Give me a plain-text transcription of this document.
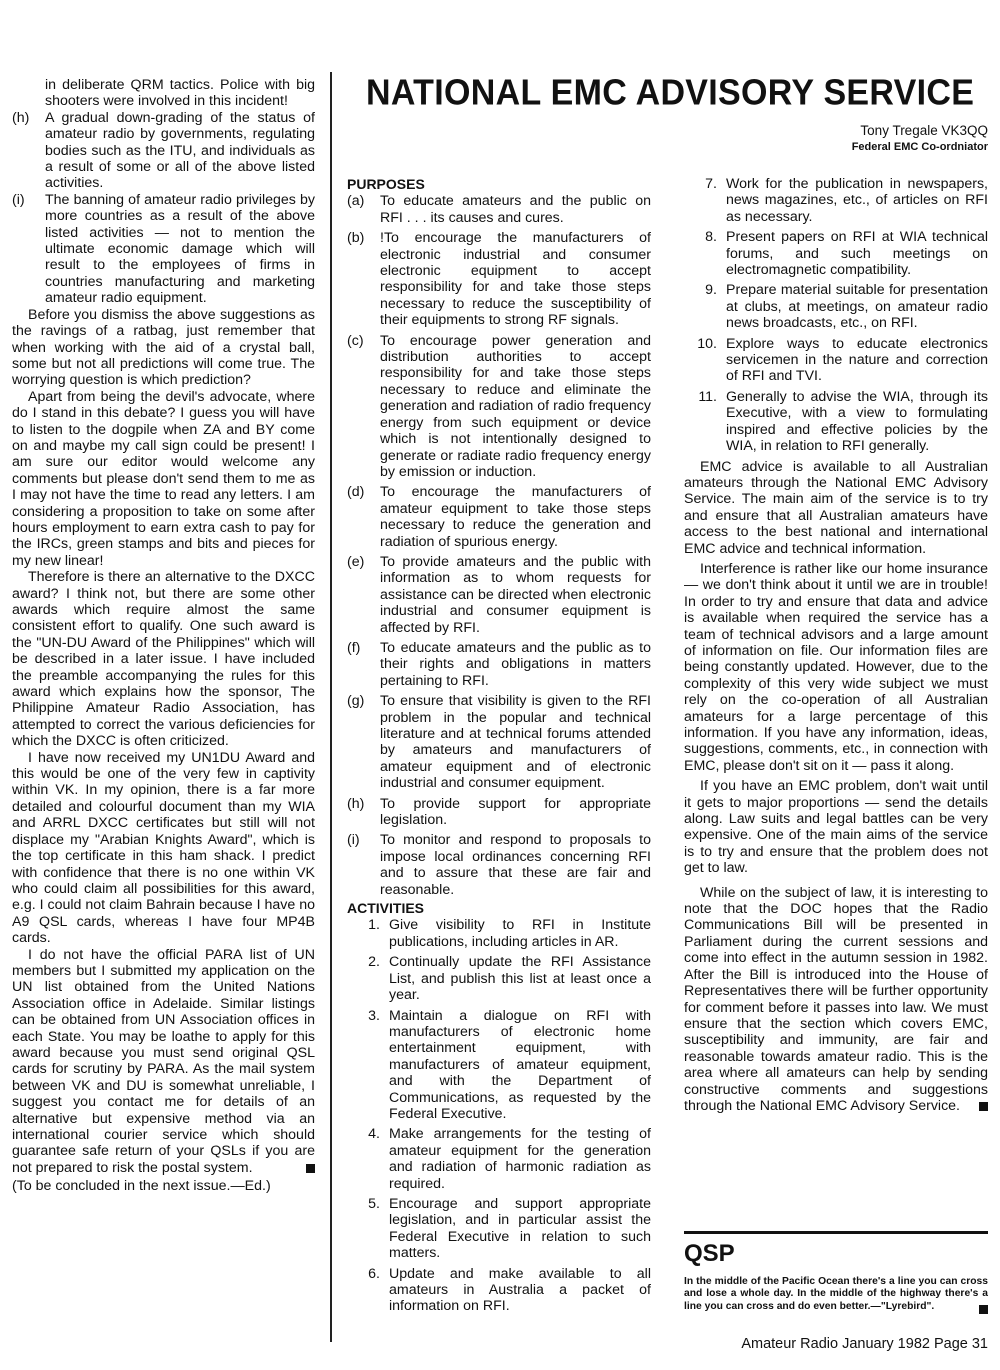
in deliberate QRM tactics. Police with big shooters were involved in this incident!

(h)	A gradual down-grading of the status of amateur radio by governments, regulating bodies such as the ITU, and individuals as a result of some or all of the above listed activities.
(i)	The banning of amateur radio privileges by more countries as a result of the above listed activities — not to mention the ultimate economic damage which will result to the employees of firms in countries manufacturing and marketing amateur radio equipment.

Before you dismiss the above suggestions as the ravings of a ratbag, just remember that when working with the aid of a crystal ball, some but not all predictions will come true. The worrying question is which prediction?

Apart from being the devil's advocate, where do I stand in this debate? I guess you will have to listen to the dogpile when ZA and BY come on and maybe my call sign could be present! I am sure our editor would welcome any comments but please don't send them to me as I may not have the time to read any letters. I am considering a proposition to take on some after hours employment to earn extra cash to pay for the IRCs, green stamps and bits and pieces for my new linear!

Therefore is there an alternative to the DXCC award? I think not, but there are some other awards which require almost the same consistent effort to qualify. One such award is the "UN-DU Award of the Philippines" which will be described in a later issue. I have included the preamble accompanying the rules for this award which explains how the sponsor, The Philippine Amateur Radio Association, has attempted to correct the various deficiencies for which the DXCC is often criticized.

I have now received my UN1DU Award and this would be one of the very few in captivity within VK. In my opinion, there is a far more detailed and colourful document than my WIA and ARRL DXCC certificates but still will not displace my "Arabian Knights Award", which is the top certificate in this ham shack. I predict with confidence that there is no one within VK who could claim all possibilities for this award, e.g. I could not claim Bahrain because I have no A9 QSL cards, whereas I have four MP4B cards.

I do not have the official PARA list of UN members but I submitted my application on the UN list obtained from the United Nations Association office in Adelaide. Similar listings can be obtained from UN Association offices in each State. You may be loathe to apply for this award because you must send original QSL cards for scrutiny by PARA. As the mail system between VK and DU is somewhat unreliable, I suggest you contact me for details of an alternative but expensive method via an international courier service which should guarantee safe return of your QSLs if you are not prepared to risk the postal system.

(To be concluded in the next issue.—Ed.)

NATIONAL EMC ADVISORY SERVICE
Tony Tregale VK3QQ
Federal EMC Co-ordniator
PURPOSES
(a)	To educate amateurs and the public on RFI . . . its causes and cures.
(b)	!To encourage the manufacturers of electronic industrial and consumer electronic equipment to accept responsibility for and take those steps necessary to reduce the susceptibility of their equipments to strong RF signals.
(c)	To encourage power generation and distribution authorities to accept responsibility for and take those steps necessary to reduce and eliminate the generation and radiation of radio frequency energy from such equipment or device which is not intentionally designed to generate or radiate radio frequency energy by emission or induction.
(d)	To encourage the manufacturers of amateur equipment to take those steps necessary to reduce the generation and radiation of spurious energy.
(e)	To provide amateurs and the public with information as to whom requests for assistance can be directed when electronic industrial and consumer equipment is affected by RFI.
(f)	To educate amateurs and the public as to their rights and obligations in matters pertaining to RFI.
(g)	To ensure that visibility is given to the RFI problem in the popular and technical literature and at technical forums attended by amateurs and manufacturers of amateur equipment and of electronic industrial and consumer equipment.
(h)	To provide support for appropriate legislation.
(i)	To monitor and respond to proposals to impose local ordinances concerning RFI and to assure that these are fair and reasonable.
ACTIVITIES
1. Give visibility to RFI in Institute publications, including articles in AR.
2. Continually update the RFI Assistance List, and publish this list at least once a year.
3. Maintain a dialogue on RFI with manufacturers of electronic home entertainment equipment, with manufacturers of amateur equipment, and with the Department of Communications, as requested by the Federal Executive.
4. Make arrangements for the testing of amateur equipment for the generation and radiation of harmonic radiation as required.
5. Encourage and support appropriate legislation, and in particular assist the Federal Executive in relation to such matters.
6. Update and make available to all amateurs in Australia a packet of information on RFI.
7. Work for the publication in newspapers, news magazines, etc., of articles on RFI as necessary.
8. Present papers on RFI at WIA technical forums, and such meetings on electromagnetic compatibility.
9. Prepare material suitable for presentation at clubs, at meetings, on amateur radio news broadcasts, etc., on RFI.
10. Explore ways to educate electronics servicemen in the nature and correction of RFI and TVI.
11. Generally to advise the WIA, through its Executive, with a view to formulating inspired and effective policies by the WIA, in relation to RFI generally.

EMC advice is available to all Australian amateurs through the National EMC Advisory Service. The main aim of the service is to try and ensure that all Australian amateurs have access to the best national and international EMC advice and technical information.

Interference is rather like our home insurance — we don't think about it until we are in trouble! In order to try and ensure that data and advice is available when required the service has a team of technical advisors and a large amount of information on file. Our information files are being constantly updated. However, due to the complexity of this very wide subject we must rely on the co-operation of all Australian amateurs for a large percentage of this information. If you have any information, ideas, suggestions, comments, etc., in connection with EMC, please don't sit on it — pass it along.

If you have an EMC problem, don't wait until it gets to major proportions — send the details along. Law suits and legal battles can be very expensive. One of the main aims of the service is to try and ensure that the problem does not get to law.

While on the subject of law, it is interesting to note that the DOC hopes that the Radio Communications Bill will be presented in Parliament during the current sessions and come into effect in the autumn session in 1982. After the Bill is introduced into the House of Representatives there will be further opportunity for comment before it passes into law. We must ensure that the section which covers EMC, susceptibility and immunity, are fair and reasonable towards amateur radio. This is the area where all amateurs can help by sending constructive comments and suggestions through the National EMC Advisory Service.

QSP
In the middle of the Pacific Ocean there's a line you can cross and lose a whole day. In the middle of the highway there's a line you can cross and do even better.—"Lyrebird".
Amateur Radio January 1982 Page 31
